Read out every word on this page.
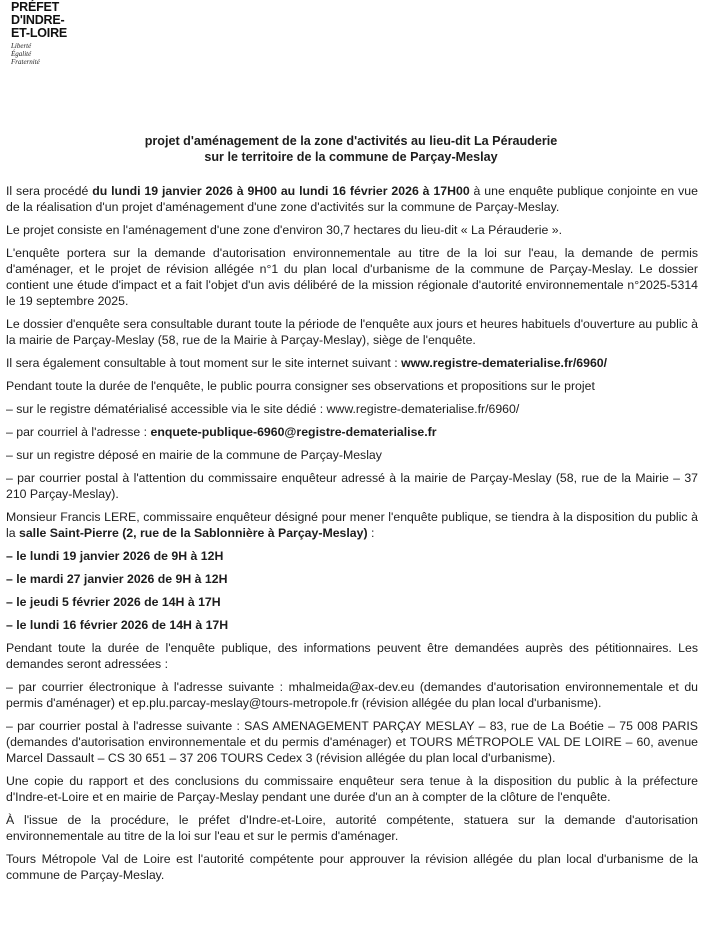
PRÉFET
D'INDRE-
ET-LOIRE
Liberté
Égalité
Fraternité
projet d'aménagement de la zone d'activités au lieu-dit La Pérauderie
sur le territoire de la commune de Parçay-Meslay

Il sera procédé du lundi 19 janvier 2026 à 9H00 au lundi 16 février 2026 à 17H00 à une enquête publique conjointe en vue de la réalisation d'un projet d'aménagement d'une zone d'activités sur la commune de Parçay-Meslay.

Le projet consiste en l'aménagement d'une zone d'environ 30,7 hectares du lieu-dit « La Pérauderie ».

L'enquête portera sur la demande d'autorisation environnementale au titre de la loi sur l'eau, la demande de permis d'aménager, et le projet de révision allégée n°1 du plan local d'urbanisme de la commune de Parçay-Meslay. Le dossier contient une étude d'impact et a fait l'objet d'un avis délibéré de la mission régionale d'autorité environnementale n°2025-5314 le 19 septembre 2025.

Le dossier d'enquête sera consultable durant toute la période de l'enquête aux jours et heures habituels d'ouverture au public à la mairie de Parçay-Meslay (58, rue de la Mairie à Parçay-Meslay), siège de l'enquête.

Il sera également consultable à tout moment sur le site internet suivant : www.registre-dematerialise.fr/6960/

Pendant toute la durée de l'enquête, le public pourra consigner ses observations et propositions sur le projet

– sur le registre dématérialisé accessible via le site dédié : www.registre-dematerialise.fr/6960/

– par courriel à l'adresse : enquete-publique-6960@registre-dematerialise.fr

– sur un registre déposé en mairie de la commune de Parçay-Meslay

– par courrier postal à l'attention du commissaire enquêteur adressé à la mairie de Parçay-Meslay (58, rue de la Mairie – 37 210 Parçay-Meslay).

Monsieur Francis LERE, commissaire enquêteur désigné pour mener l'enquête publique, se tiendra à la disposition du public à la salle Saint-Pierre (2, rue de la Sablonnière à Parçay-Meslay) :

– le lundi 19 janvier 2026 de 9H à 12H

– le mardi 27 janvier 2026 de 9H à 12H

– le jeudi 5 février 2026 de 14H à 17H

– le lundi 16 février 2026 de 14H à 17H

Pendant toute la durée de l'enquête publique, des informations peuvent être demandées auprès des pétitionnaires. Les demandes seront adressées :

– par courrier électronique à l'adresse suivante : mhalmeida@ax-dev.eu (demandes d'autorisation environnementale et du permis d'aménager) et ep.plu.parcay-meslay@tours-metropole.fr (révision allégée du plan local d'urbanisme).

– par courrier postal à l'adresse suivante : SAS AMENAGEMENT PARÇAY MESLAY – 83, rue de La Boétie – 75 008 PARIS (demandes d'autorisation environnementale et du permis d'aménager) et TOURS MÉTROPOLE VAL DE LOIRE – 60, avenue Marcel Dassault – CS 30 651 – 37 206 TOURS Cedex 3 (révision allégée du plan local d'urbanisme).

Une copie du rapport et des conclusions du commissaire enquêteur sera tenue à la disposition du public à la préfecture d'Indre-et-Loire et en mairie de Parçay-Meslay pendant une durée d'un an à compter de la clôture de l'enquête.

À l'issue de la procédure, le préfet d'Indre-et-Loire, autorité compétente, statuera sur la demande d'autorisation environnementale au titre de la loi sur l'eau et sur le permis d'aménager.

Tours Métropole Val de Loire est l'autorité compétente pour approuver la révision allégée du plan local d'urbanisme de la commune de Parçay-Meslay.
